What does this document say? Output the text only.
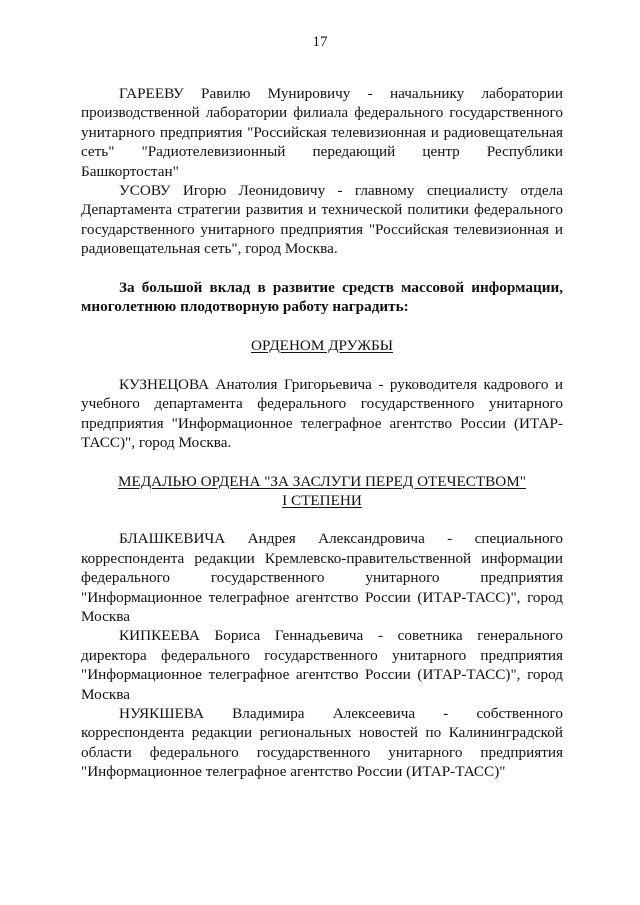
17

ГАРЕЕВУ Равилю Мунировичу - начальнику лаборатории производственной лаборатории филиала федерального государственного унитарного предприятия "Российская телевизионная и радиовещательная сеть" "Радиотелевизионный передающий центр Республики Башкортостан"

УСОВУ Игорю Леонидовичу - главному специалисту отдела Департамента стратегии развития и технической политики федерального государственного унитарного предприятия "Российская телевизионная и радиовещательная сеть", город Москва.

За большой вклад в развитие средств массовой информации, многолетнюю плодотворную работу наградить:

ОРДЕНОМ ДРУЖБЫ

КУЗНЕЦОВА Анатолия Григорьевича - руководителя кадрового и учебного департамента федерального государственного унитарного предприятия "Информационное телеграфное агентство России (ИТАР-ТАСС)", город Москва.

МЕДАЛЬЮ ОРДЕНА "ЗА ЗАСЛУГИ ПЕРЕД ОТЕЧЕСТВОМ"

I СТЕПЕНИ

БЛАШКЕВИЧА Андрея Александровича - специального корреспондента редакции Кремлевско-правительственной информации федерального государственного унитарного предприятия "Информационное телеграфное агентство России (ИТАР-ТАСС)", город Москва

КИПКЕЕВА Бориса Геннадьевича - советника генерального директора федерального государственного унитарного предприятия "Информационное телеграфное агентство России (ИТАР-ТАСС)", город Москва

НУЯКШЕВА Владимира Алексеевича - собственного корреспондента редакции региональных новостей по Калининградской области федерального государственного унитарного предприятия "Информационное телеграфное агентство России (ИТАР-ТАСС)"
